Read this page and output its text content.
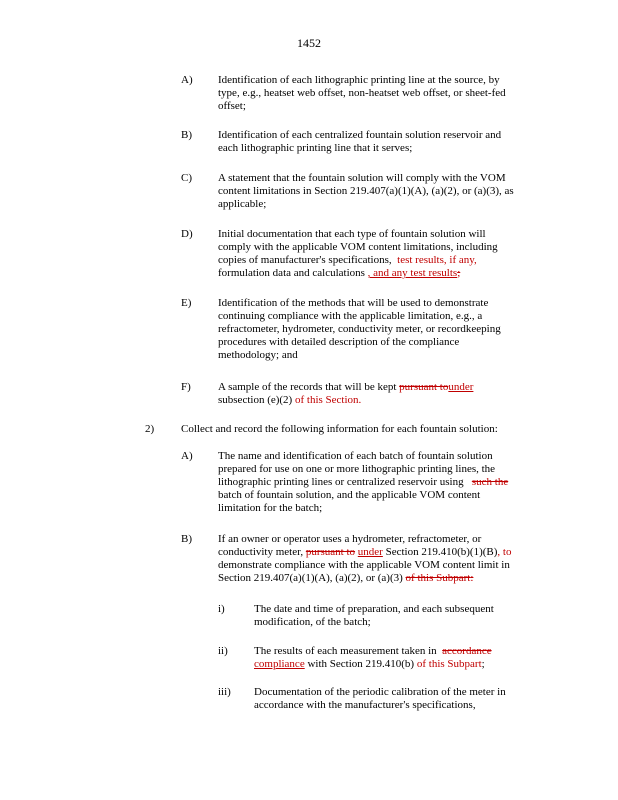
1452
A) Identification of each lithographic printing line at the source, by
type, e.g., heatset web offset, non-heatset web offset, or sheet-fed
offset;
B) Identification of each centralized fountain solution reservoir and
each lithographic printing line that it serves;
C) A statement that the fountain solution will comply with the VOM
content limitations in Section 219.407(a)(1)(A), (a)(2), or (a)(3), as
applicable;
D) Initial documentation that each type of fountain solution will
comply with the applicable VOM content limitations, including
copies of manufacturer's specifications, test results, if any,
formulation data and calculations , and any test results;
E) Identification of the methods that will be used to demonstrate
continuing compliance with the applicable limitation, e.g., a
refractometer, hydrometer, conductivity meter, or recordkeeping
procedures with detailed description of the compliance
methodology; and
F) A sample of the records that will be kept pursuant tounder
subsection (e)(2) of this Section.
2) Collect and record the following information for each fountain solution:
A) The name and identification of each batch of fountain solution
prepared for use on one or more lithographic printing lines, the
lithographic printing lines or centralized reservoir using such the
batch of fountain solution, and the applicable VOM content
limitation for the batch;
B) If an owner or operator uses a hydrometer, refractometer, or
conductivity meter, pursuant to under Section 219.410(b)(1)(B), to
demonstrate compliance with the applicable VOM content limit in
Section 219.407(a)(1)(A), (a)(2), or (a)(3) of this Subpart:
i)	The date and time of preparation, and each subsequent
modification, of the batch;
ii) The results of each measurement taken in accordance
compliance with Section 219.410(b) of this Subpart;
iii) Documentation of the periodic calibration of the meter in
accordance with the manufacturer's specifications,
